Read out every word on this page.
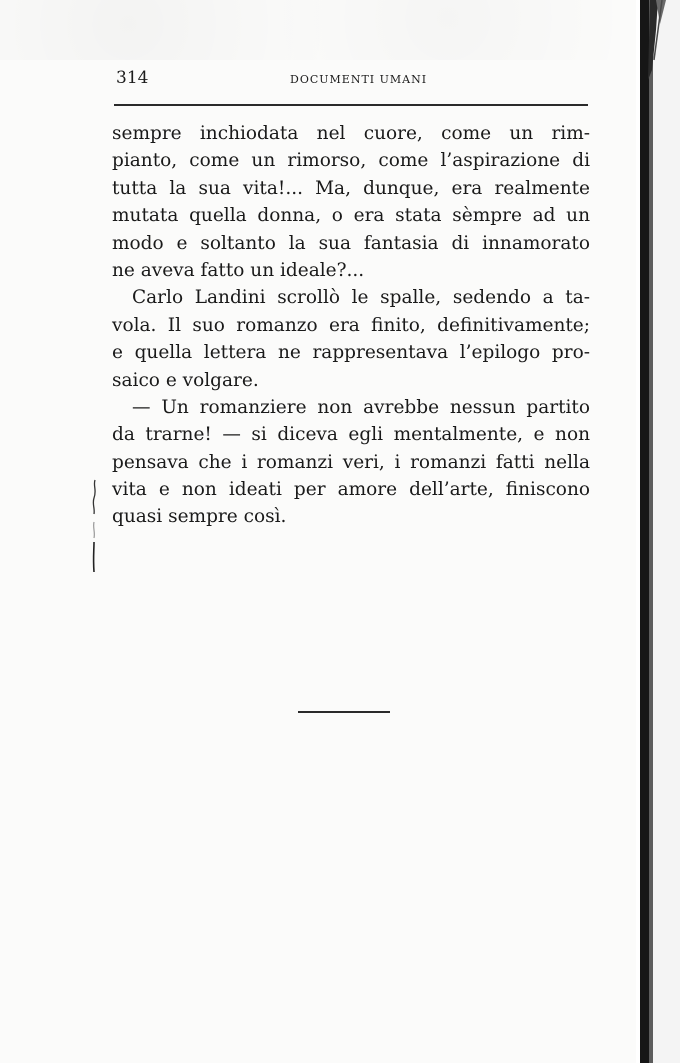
314	DOCUMENTI UMANI
sempre inchiodata nel cuore, come un rim-
pianto, come un rimorso, come l’aspirazione di
tutta la sua vita!... Ma, dunque, era realmente
mutata quella donna, o era stata sèmpre ad un
modo e soltanto la sua fantasia di innamorato
ne aveva fatto un ideale?...
Carlo Landini scrollò le spalle, sedendo a ta-
vola. Il suo romanzo era finito, definitivamente;
e quella lettera ne rappresentava l’epilogo pro-
saico e volgare.
— Un romanziere non avrebbe nessun partito
da trarne! — si diceva egli mentalmente, e non
pensava che i romanzi veri, i romanzi fatti nella
vita e non ideati per amore dell’arte, finiscono
quasi sempre così.
